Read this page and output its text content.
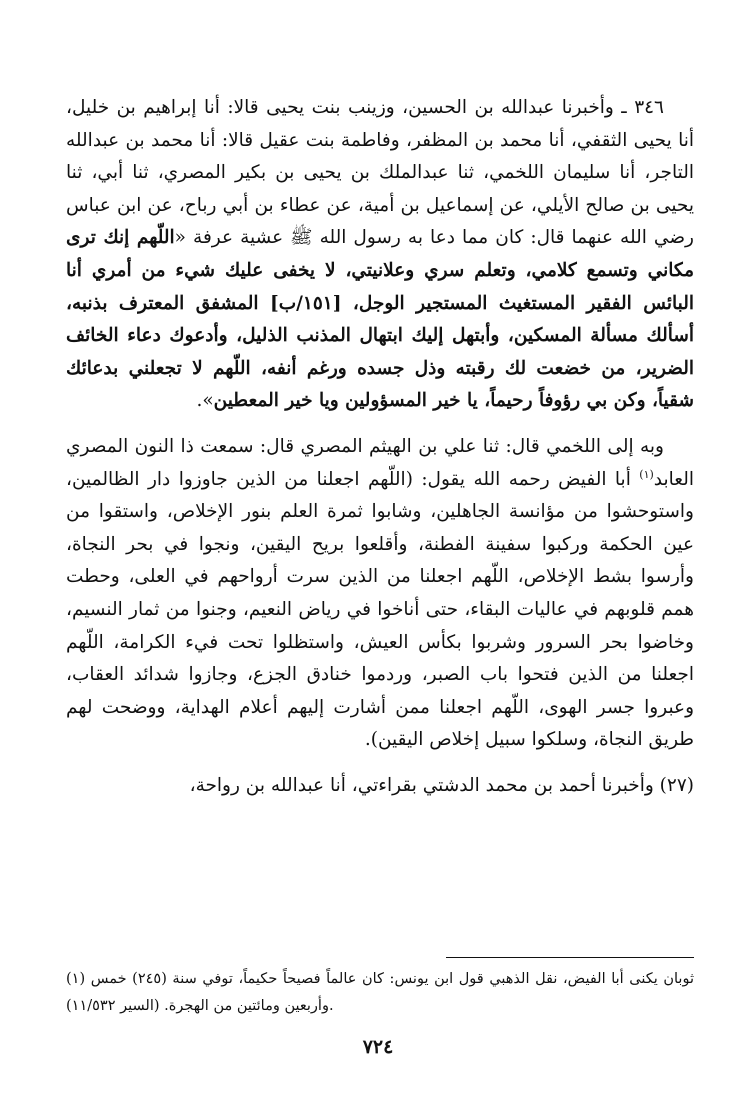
٣٤٦ ـ وأخبرنا عبدالله بن الحسين، وزينب بنت يحيى قالا: أنا إبراهيم بن خليل، أنا يحيى الثقفي، أنا محمد بن المظفر، وفاطمة بنت عقيل قالا: أنا محمد بن عبدالله التاجر، أنا سليمان اللخمي، ثنا عبدالملك بن يحيى بن بكير المصري، ثنا أبي، ثنا يحيى بن صالح الأيلي، عن إسماعيل بن أمية، عن عطاء بن أبي رباح، عن ابن عباس رضي الله عنهما قال: كان مما دعا به رسول الله ﷺ عشية عرفة «اللّهم إنك ترى مكاني وتسمع كلامي، وتعلم سري وعلانيتي، لا يخفى عليك شيء من أمري أنا البائس الفقير المستغيث المستجير الوجل، [١٥١/ب] المشفق المعترف بذنبه، أسألك مسألة المسكين، وأبتهل إليك ابتهال المذنب الذليل، وأدعوك دعاء الخائف الضرير، من خضعت لك رقبته وذل جسده ورغم أنفه، اللّهم لا تجعلني بدعائك شقياً، وكن بي رؤوفاً رحيماً، يا خير المسؤولين ويا خير المعطين».

وبه إلى اللخمي قال: ثنا علي بن الهيثم المصري قال: سمعت ذا النون المصري العابد$^{(١)}$ أبا الفيض رحمه الله يقول: (اللّهم اجعلنا من الذين جاوزوا دار الظالمين، واستوحشوا من مؤانسة الجاهلين، وشابوا ثمرة العلم بنور الإخلاص، واستقوا من عين الحكمة وركبوا سفينة الفطنة، وأقلعوا بريح اليقين، ونجوا في بحر النجاة، وأرسوا بشط الإخلاص، اللّهم اجعلنا من الذين سرت أرواحهم في العلى، وحطت همم قلوبهم في عاليات البقاء، حتى أناخوا في رياض النعيم، وجنوا من ثمار النسيم، وخاضوا بحر السرور وشربوا بكأس العيش، واستظلوا تحت فيء الكرامة، اللّهم اجعلنا من الذين فتحوا باب الصبر، وردموا خنادق الجزع، وجازوا شدائد العقاب، وعبروا جسر الهوى، اللّهم اجعلنا ممن أشارت إليهم أعلام الهداية، ووضحت لهم طريق النجاة، وسلكوا سبيل إخلاص اليقين).

(٢٧) وأخبرنا أحمد بن محمد الدشتي بقراءتي، أنا عبدالله بن رواحة،

(١) ثوبان يكنى أبا الفيض، نقل الذهبي قول ابن يونس: كان عالماً فصيحاً حكيماً، توفي سنة (٢٤٥) خمس وأربعين ومائتين من الهجرة. (السير ١١/٥٣٢).

٧٢٤
